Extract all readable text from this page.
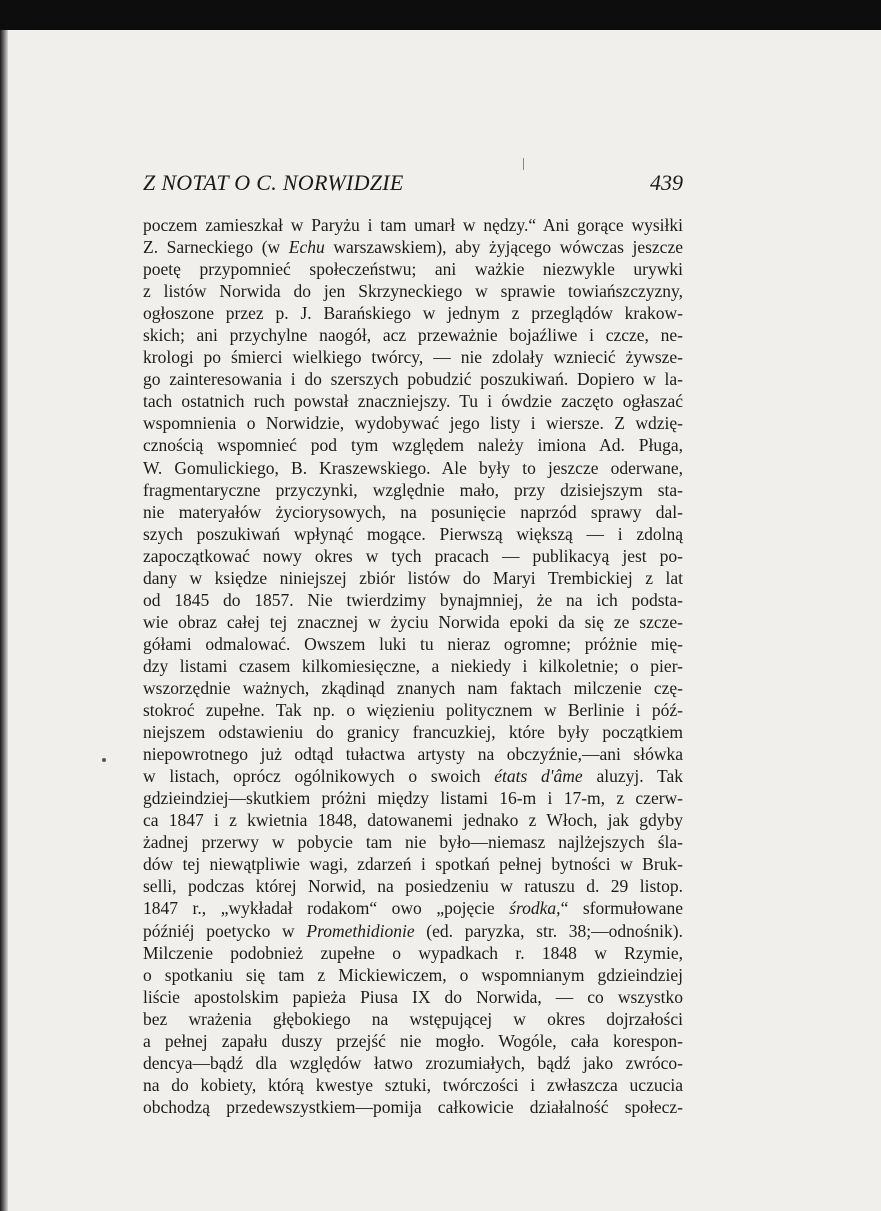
Z NOTAT O C. NORWIDZIE	439
poczem zamieszkał w Paryżu i tam umarł w nędzy.“ Ani gorące wysiłki
Z. Sarneckiego (w Echu warszawskiem), aby żyjącego wówczas jeszcze
poetę przypomnieć społeczeństwu; ani ważkie niezwykle urywki
z listów Norwida do jen Skrzyneckiego w sprawie towiańszczyzny,
ogłoszone przez p. J. Barańskiego w jednym z przeglądów krakow-
skich; ani przychylne naogół, acz przeważnie bojaźliwe i czcze, ne-
krologi po śmierci wielkiego twórcy, — nie zdolały wzniecić żywsze-
go zainteresowania i do szerszych pobudzić poszukiwań. Dopiero w la-
tach ostatnich ruch powstał znaczniejszy. Tu i ówdzie zaczęto ogłaszać
wspomnienia o Norwidzie, wydobywać jego listy i wiersze. Z wdzię-
cznością wspomnieć pod tym względem należy imiona Ad. Pługa,
W. Gomulickiego, B. Kraszewskiego. Ale były to jeszcze oderwane,
fragmentaryczne przyczynki, względnie mało, przy dzisiejszym sta-
nie materyałów życiorysowych, na posunięcie naprzód sprawy dal-
szych poszukiwań wpłynąć mogące. Pierwszą większą — i zdolną
zapoczątkować nowy okres w tych pracach — publikacyą jest po-
dany w księdze niniejszej zbiór listów do Maryi Trembickiej z lat
od 1845 do 1857. Nie twierdzimy bynajmniej, że na ich podsta-
wie obraz całej tej znacznej w życiu Norwida epoki da się ze szcze-
gółami odmalować. Owszem luki tu nieraz ogromne; próżnie mię-
dzy listami czasem kilkomiesięczne, a niekiedy i kilkoletnie; o pier-
wszorzędnie ważnych, zkądinąd znanych nam faktach milczenie czę-
stokroć zupełne. Tak np. o więzieniu politycznem w Berlinie i póź-
niejszem odstawieniu do granicy francuzkiej, które były początkiem
niepowrotnego już odtąd tułactwa artysty na obczyźnie,—ani słówka
w listach, oprócz ogólnikowych o swoich états d'âme aluzyj. Tak
gdzieindziej—skutkiem próżni między listami 16-m i 17-m, z czerw-
ca 1847 i z kwietnia 1848, datowanemi jednako z Włoch, jak gdyby
żadnej przerwy w pobycie tam nie było—niemasz najlżejszych śla-
dów tej niewątpliwie wagi, zdarzeń i spotkań pełnej bytności w Bruk-
selli, podczas której Norwid, na posiedzeniu w ratuszu d. 29 listop.
1847 r., „wykładał rodakom“ owo „pojęcie środka,“ sformułowane
późniéj poetycko w Promethidionie (ed. paryzka, str. 38;—odnośnik).
Milczenie podobnież zupełne o wypadkach r. 1848 w Rzymie,
o spotkaniu się tam z Mickiewiczem, o wspomnianym gdzieindziej
liście apostolskim papieża Piusa IX do Norwida, — co wszystko
bez wrażenia głębokiego na wstępującej w okres dojrzałości
a pełnej zapału duszy przejść nie mogło. Wogóle, cała korespon-
dencya—bądź dla względów łatwo zrozumiałych, bądź jako zwróco-
na do kobiety, którą kwestye sztuki, twórczości i zwłaszcza uczucia
obchodzą przedewszystkiem—pomija całkowicie działalność społecz-
